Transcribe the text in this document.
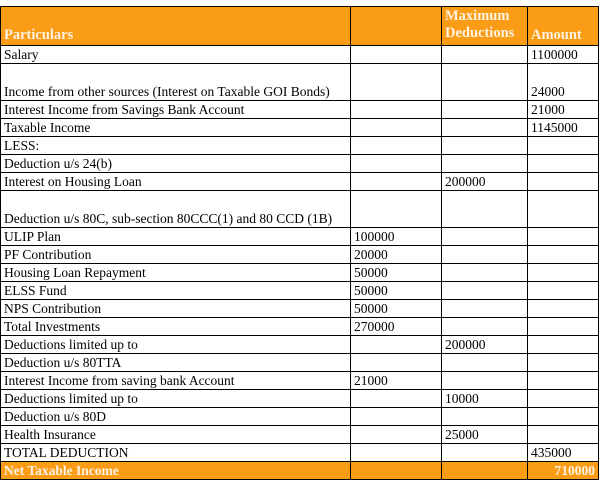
Particulars		Maximum Deductions	Amount
Salary			1100000
Income from other sources (Interest on Taxable GOI Bonds)			24000
Interest Income from Savings Bank Account			21000
Taxable Income			1145000
LESS:			
Deduction u/s 24(b)			
Interest on Housing Loan		200000	
Deduction u/s 80C, sub-section 80CCC(1) and 80 CCD (1B)			
ULIP Plan	100000		
PF Contribution	20000		
Housing Loan Repayment	50000		
ELSS Fund	50000		
NPS Contribution	50000		
Total Investments	270000		
Deductions limited up to		200000	
Deduction u/s 80TTA			
Interest Income from saving bank Account	21000		
Deductions limited up to		10000	
Deduction u/s 80D			
Health Insurance		25000	
TOTAL DEDUCTION			435000
Net Taxable Income			710000
